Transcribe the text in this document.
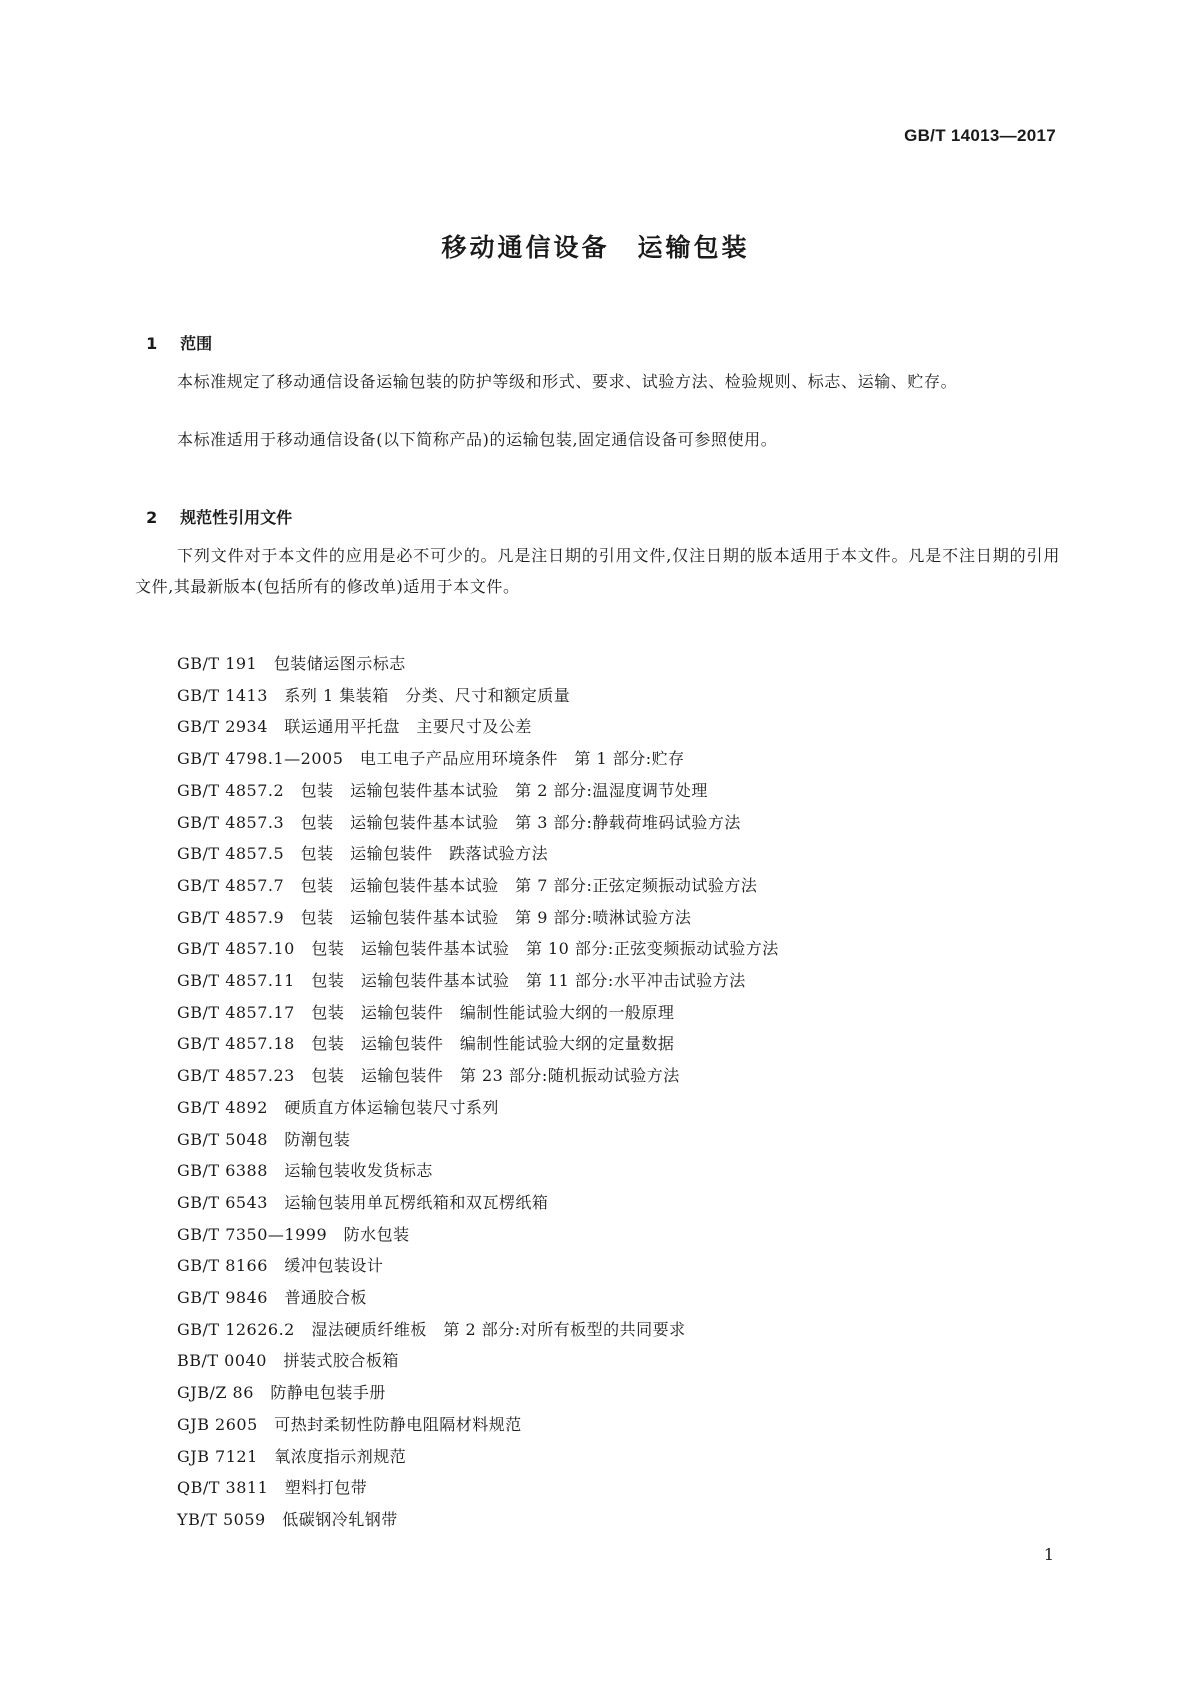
GB/T 14013—2017
移动通信设备　运输包装

1 范围

本标准规定了移动通信设备运输包装的防护等级和形式、要求、试验方法、检验规则、标志、运输、贮存。
本标准适用于移动通信设备(以下简称产品)的运输包装,固定通信设备可参照使用。

2 规范性引用文件

下列文件对于本文件的应用是必不可少的。凡是注日期的引用文件,仅注日期的版本适用于本文件。凡是不注日期的引用文件,其最新版本(包括所有的修改单)适用于本文件。
GB/T 191　包装储运图示标志
GB/T 1413　系列 1 集装箱　分类、尺寸和额定质量
GB/T 2934　联运通用平托盘　主要尺寸及公差
GB/T 4798.1—2005　电工电子产品应用环境条件　第 1 部分:贮存
GB/T 4857.2　包装　运输包装件基本试验　第 2 部分:温湿度调节处理
GB/T 4857.3　包装　运输包装件基本试验　第 3 部分:静载荷堆码试验方法
GB/T 4857.5　包装　运输包装件　跌落试验方法
GB/T 4857.7　包装　运输包装件基本试验　第 7 部分:正弦定频振动试验方法
GB/T 4857.9　包装　运输包装件基本试验　第 9 部分:喷淋试验方法
GB/T 4857.10　包装　运输包装件基本试验　第 10 部分:正弦变频振动试验方法
GB/T 4857.11　包装　运输包装件基本试验　第 11 部分:水平冲击试验方法
GB/T 4857.17　包装　运输包装件　编制性能试验大纲的一般原理
GB/T 4857.18　包装　运输包装件　编制性能试验大纲的定量数据
GB/T 4857.23　包装　运输包装件　第 23 部分:随机振动试验方法
GB/T 4892　硬质直方体运输包装尺寸系列
GB/T 5048　防潮包装
GB/T 6388　运输包装收发货标志
GB/T 6543　运输包装用单瓦楞纸箱和双瓦楞纸箱
GB/T 7350—1999　防水包装
GB/T 8166　缓冲包装设计
GB/T 9846　普通胶合板
GB/T 12626.2　湿法硬质纤维板　第 2 部分:对所有板型的共同要求
BB/T 0040　拼装式胶合板箱
GJB/Z 86　防静电包装手册
GJB 2605　可热封柔韧性防静电阻隔材料规范
GJB 7121　氧浓度指示剂规范
QB/T 3811　塑料打包带
YB/T 5059　低碳钢冷轧钢带
1
